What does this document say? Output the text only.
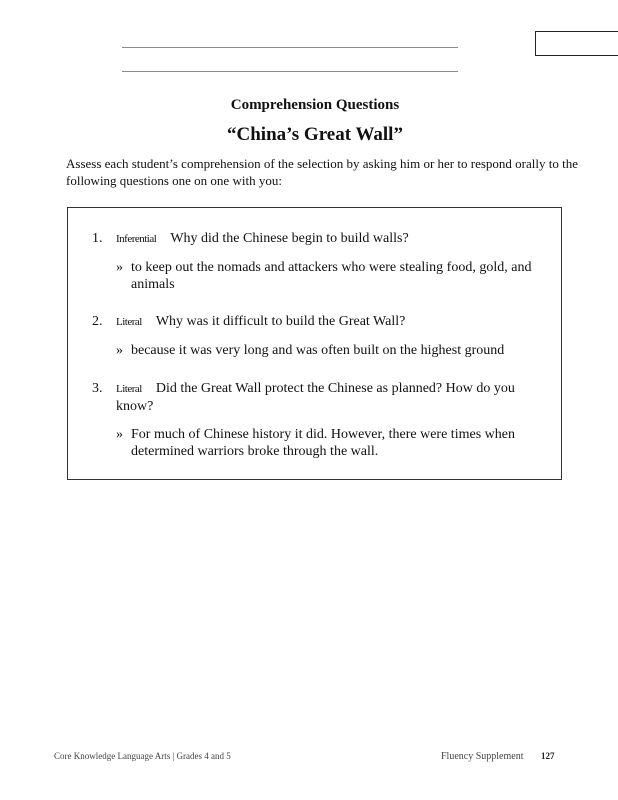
Comprehension Questions
“China’s Great Wall”
Assess each student’s comprehension of the selection by asking him or her to respond orally to the following questions one on one with you:
1. Inferential Why did the Chinese begin to build walls?
» to keep out the nomads and attackers who were stealing food, gold, and animals
2. Literal Why was it difficult to build the Great Wall?
» because it was very long and was often built on the highest ground
3. Literal Did the Great Wall protect the Chinese as planned? How do you know?
» For much of Chinese history it did. However, there were times when determined warriors broke through the wall.
Core Knowledge Language Arts | Grades 4 and 5	Fluency Supplement 127
